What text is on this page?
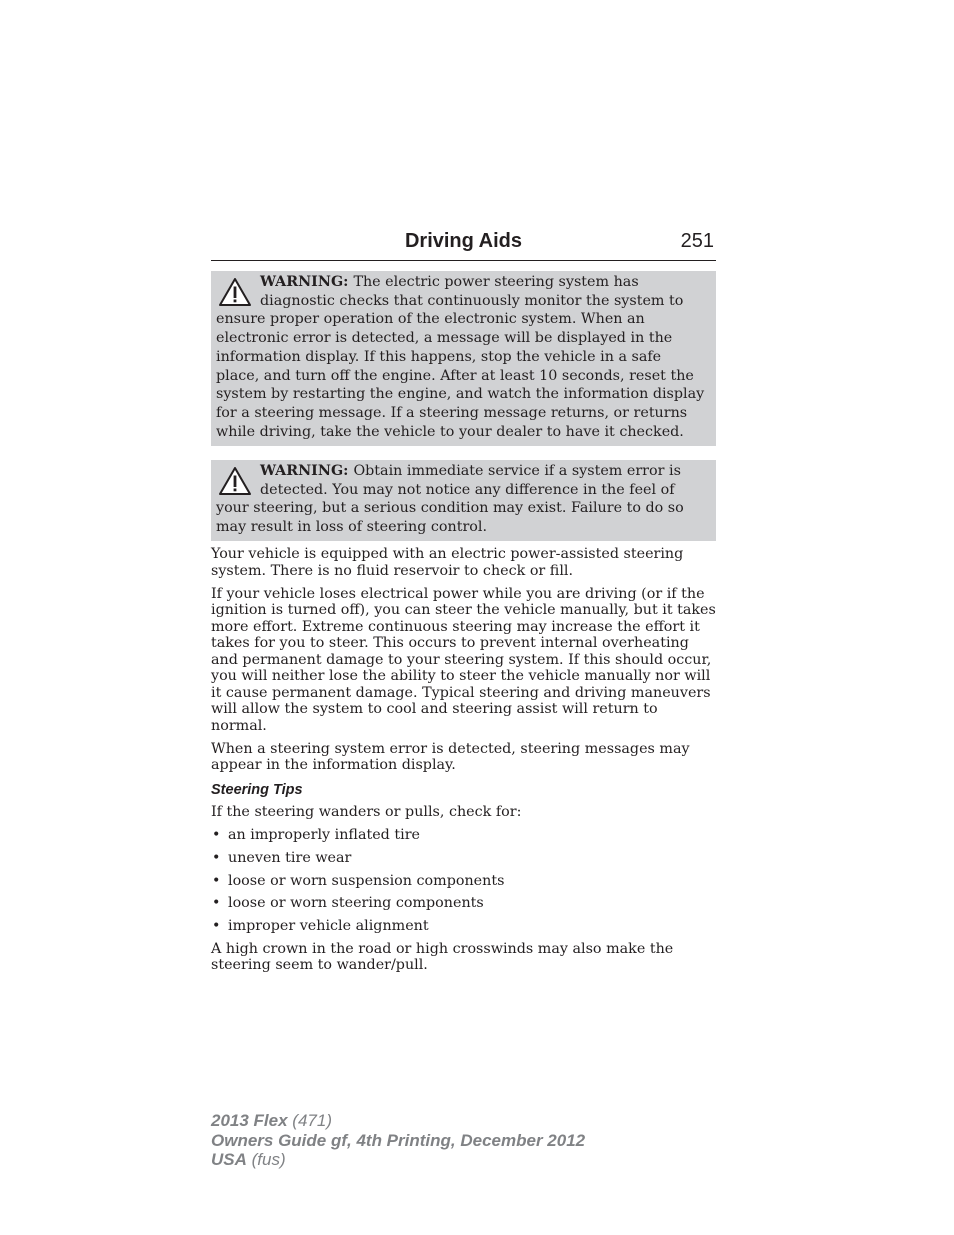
Driving Aids	251
WARNING: The electric power steering system has diagnostic checks that continuously monitor the system to ensure proper operation of the electronic system. When an electronic error is detected, a message will be displayed in the information display. If this happens, stop the vehicle in a safe place, and turn off the engine. After at least 10 seconds, reset the system by restarting the engine, and watch the information display for a steering message. If a steering message returns, or returns while driving, take the vehicle to your dealer to have it checked.
WARNING: Obtain immediate service if a system error is detected. You may not notice any difference in the feel of your steering, but a serious condition may exist. Failure to do so may result in loss of steering control.

Your vehicle is equipped with an electric power-assisted steering system. There is no fluid reservoir to check or fill.

If your vehicle loses electrical power while you are driving (or if the ignition is turned off), you can steer the vehicle manually, but it takes more effort. Extreme continuous steering may increase the effort it takes for you to steer. This occurs to prevent internal overheating and permanent damage to your steering system. If this should occur, you will neither lose the ability to steer the vehicle manually nor will it cause permanent damage. Typical steering and driving maneuvers will allow the system to cool and steering assist will return to normal.

When a steering system error is detected, steering messages may appear in the information display.

Steering Tips

If the steering wanders or pulls, check for:

• an improperly inflated tire
• uneven tire wear
• loose or worn suspension components
• loose or worn steering components
• improper vehicle alignment

A high crown in the road or high crosswinds may also make the steering seem to wander/pull.

2013 Flex (471)
Owners Guide gf, 4th Printing, December 2012
USA (fus)
